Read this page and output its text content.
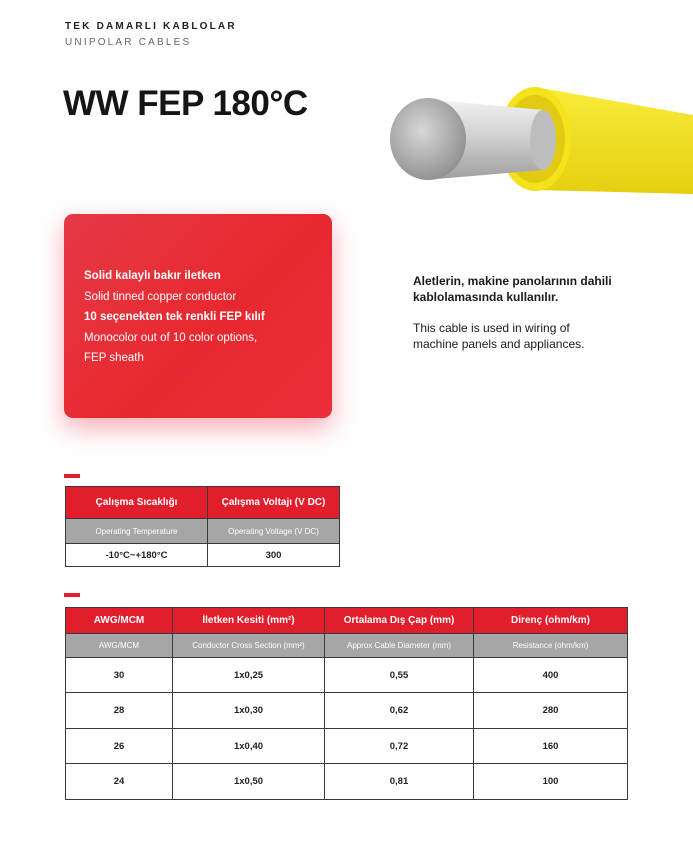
TEK DAMARLI KABLOLAR
UNIPOLAR CABLES
WW FEP 180°C
Solid kalaylı bakır iletken
Solid tinned copper conductor
10 seçenekten tek renkli FEP kılıf
Monocolor out of 10 color options,
FEP sheath
Aletlerin, makine panolarının dahili
kablolamasında kullanılır.
This cable is used in wiring of
machine panels and appliances.
Çalışma Sıcaklığı	Çalışma Voltajı (V DC)
Operating Temperature	Operating Voltage (V DC)
-10°C~+180°C	300
AWG/MCM	İletken Kesiti (mm²)	Ortalama Dış Çap (mm)	Direnç (ohm/km)
AWG/MCM	Conductor Cross Section (mm²)	Approx Cable Diameter (mm)	Resistance (ohm/km)
30	1x0,25	0,55	400
28	1x0,30	0,62	280
26	1x0,40	0,72	160
24	1x0,50	0,81	100
